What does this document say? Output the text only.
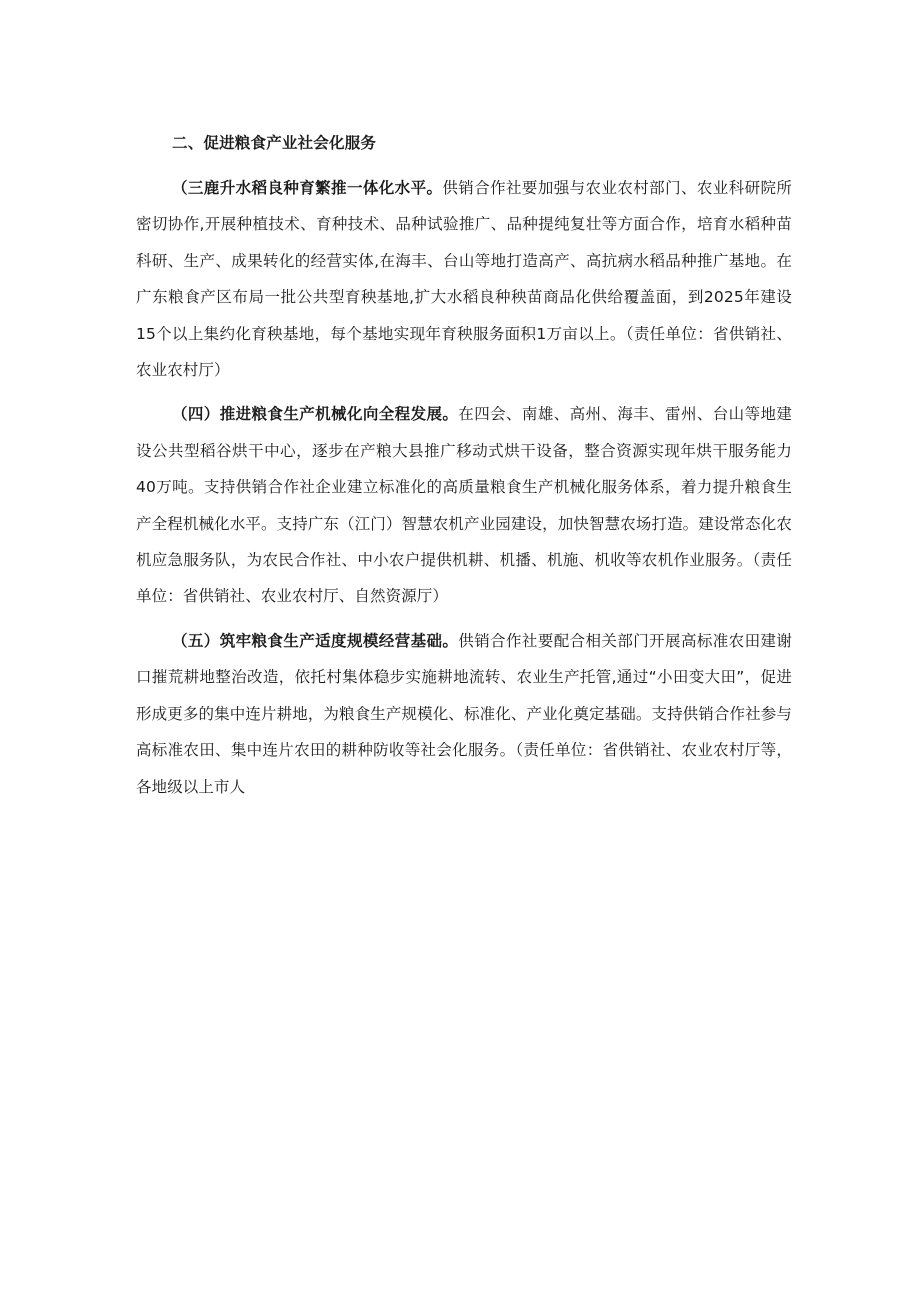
二、促进粮食产业社会化服务

（三鹿升水稻良种育繁推一体化水平。供销合作社要加强与农业农村部门、农业科研院所密切协作,开展种植技术、育种技术、品种试验推广、品种提纯复壮等方面合作，培育水稻种苗科研、生产、成果转化的经营实体,在海丰、台山等地打造高产、高抗病水稻品种推广基地。在广东粮食产区布局一批公共型育秧基地,扩大水稻良种秧苗商品化供给覆盖面，到2025年建设15个以上集约化育秧基地，每个基地实现年育秧服务面积1万亩以上。（责任单位：省供销社、农业农村厅）

（四）推进粮食生产机械化向全程发展。在四会、南雄、高州、海丰、雷州、台山等地建设公共型稻谷烘干中心，逐步在产粮大县推广移动式烘干设备，整合资源实现年烘干服务能力40万吨。支持供销合作社企业建立标准化的高质量粮食生产机械化服务体系，着力提升粮食生产全程机械化水平。支持广东（江门）智慧农机产业园建设，加快智慧农场打造。建设常态化农机应急服务队，为农民合作社、中小农户提供机耕、机播、机施、机收等农机作业服务。（责任单位：省供销社、农业农村厅、自然资源厅）

（五）筑牢粮食生产适度规模经营基础。供销合作社要配合相关部门开展高标准农田建谢口摧荒耕地整治改造，依托村集体稳步实施耕地流转、农业生产托管,通过“小田变大田”，促进形成更多的集中连片耕地，为粮食生产规模化、标准化、产业化奠定基础。支持供销合作社参与高标准农田、集中连片农田的耕种防收等社会化服务。（责任单位：省供销社、农业农村厅等，各地级以上市人
